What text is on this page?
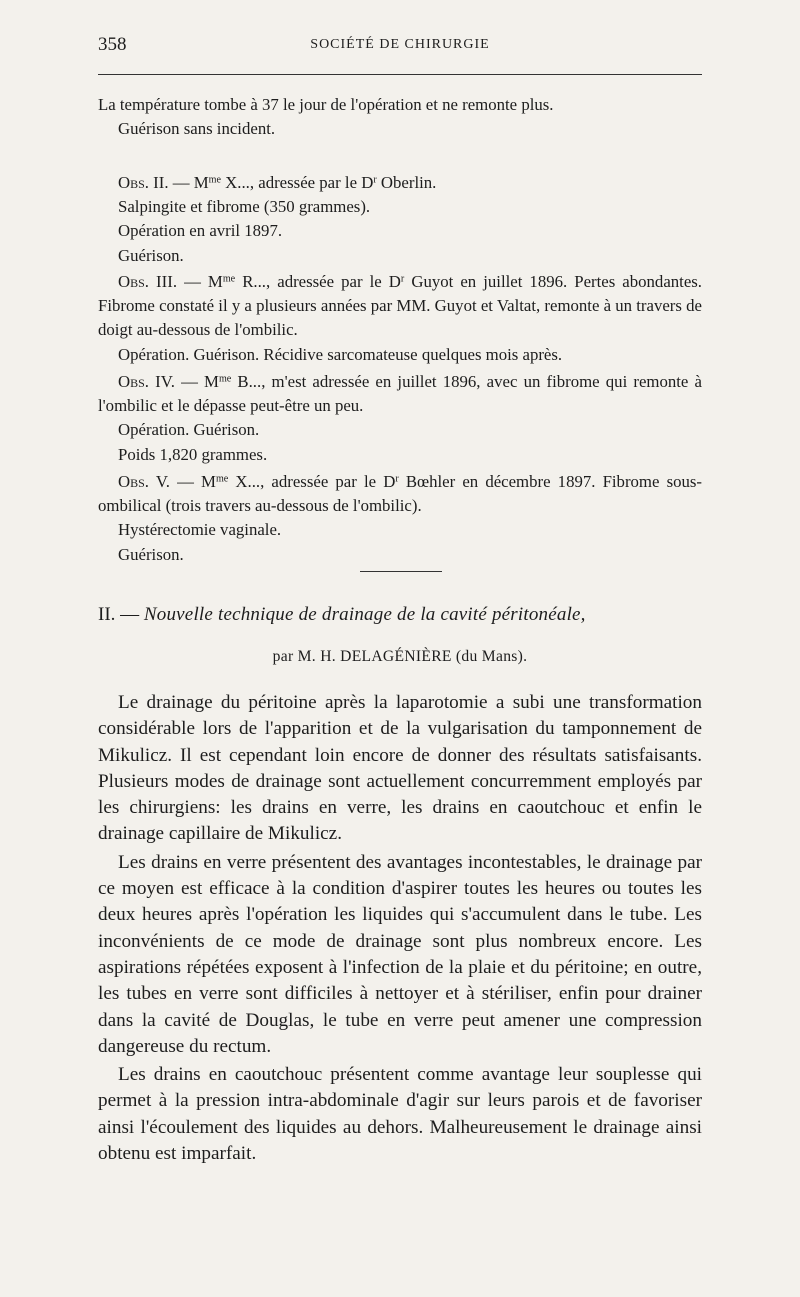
358	SOCIÉTÉ DE CHIRURGIE

La température tombe à 37 le jour de l'opération et ne remonte plus.

Guérison sans incident.

Obs. II. — $M^{me}$ X..., adressée par le $D^r$ Oberlin.

Salpingite et fibrome (350 grammes).

Opération en avril 1897.

Guérison.

Obs. III. — $M^{me}$ R..., adressée par le $D^r$ Guyot en juillet 1896. Pertes abondantes. Fibrome constaté il y a plusieurs années par MM. Guyot et Valtat, remonte à un travers de doigt au-dessous de l'ombilic.

Opération. Guérison. Récidive sarcomateuse quelques mois après.

Obs. IV. — $M^{me}$ B..., m'est adressée en juillet 1896, avec un fibrome qui remonte à l'ombilic et le dépasse peut-être un peu.

Opération. Guérison.

Poids 1,820 grammes.

Obs. V. — $M^{me}$ X..., adressée par le $D^r$ Bœhler en décembre 1897. Fibrome sous-ombilical (trois travers au-dessous de l'ombilic).

Hystérectomie vaginale.

Guérison.

II. — Nouvelle technique de drainage de la cavité péritonéale,
par M. H. DELAGÉNIÈRE (du Mans).

Le drainage du péritoine après la laparotomie a subi une transformation considérable lors de l'apparition et de la vulgarisation du tamponnement de Mikulicz. Il est cependant loin encore de donner des résultats satisfaisants. Plusieurs modes de drainage sont actuellement concurremment employés par les chirurgiens: les drains en verre, les drains en caoutchouc et enfin le drainage capillaire de Mikulicz.

Les drains en verre présentent des avantages incontestables, le drainage par ce moyen est efficace à la condition d'aspirer toutes les heures ou toutes les deux heures après l'opération les liquides qui s'accumulent dans le tube. Les inconvénients de ce mode de drainage sont plus nombreux encore. Les aspirations répétées exposent à l'infection de la plaie et du péritoine; en outre, les tubes en verre sont difficiles à nettoyer et à stériliser, enfin pour drainer dans la cavité de Douglas, le tube en verre peut amener une compression dangereuse du rectum.

Les drains en caoutchouc présentent comme avantage leur souplesse qui permet à la pression intra-abdominale d'agir sur leurs parois et de favoriser ainsi l'écoulement des liquides au dehors. Malheureusement le drainage ainsi obtenu est imparfait.
